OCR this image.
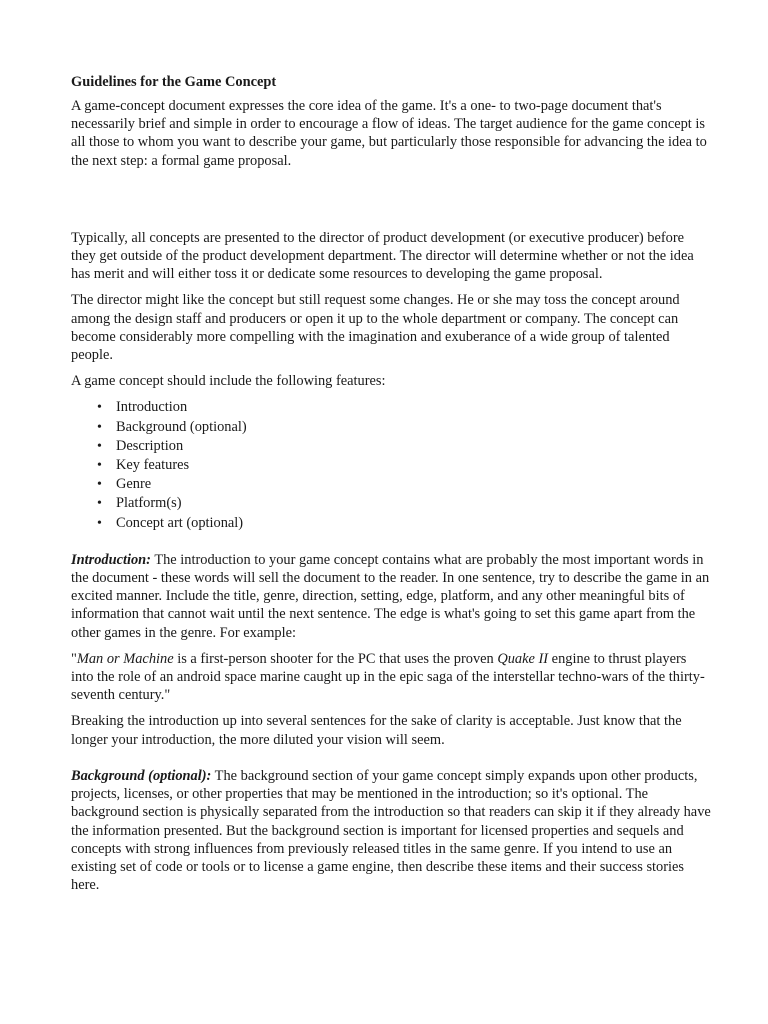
Guidelines for the Game Concept

A game-concept document expresses the core idea of the game. It's a one- to two-page document that's necessarily brief and simple in order to encourage a flow of ideas. The target audience for the game concept is all those to whom you want to describe your game, but particularly those responsible for advancing the idea to the next step: a formal game proposal.

Typically, all concepts are presented to the director of product development (or executive producer) before they get outside of the product development department. The director will determine whether or not the idea has merit and will either toss it or dedicate some resources to developing the game proposal.

The director might like the concept but still request some changes. He or she may toss the concept around among the design staff and producers or open it up to the whole department or company. The concept can become considerably more compelling with the imagination and exuberance of a wide group of talented people.

A game concept should include the following features:

• Introduction
• Background (optional)
• Description
• Key features
• Genre
• Platform(s)
• Concept art (optional)

Introduction: The introduction to your game concept contains what are probably the most important words in the document - these words will sell the document to the reader. In one sentence, try to describe the game in an excited manner. Include the title, genre, direction, setting, edge, platform, and any other meaningful bits of information that cannot wait until the next sentence. The edge is what's going to set this game apart from the other games in the genre. For example:

"Man or Machine is a first-person shooter for the PC that uses the proven Quake II engine to thrust players into the role of an android space marine caught up in the epic saga of the interstellar techno-wars of the thirty-seventh century."

Breaking the introduction up into several sentences for the sake of clarity is acceptable. Just know that the longer your introduction, the more diluted your vision will seem.

Background (optional): The background section of your game concept simply expands upon other products, projects, licenses, or other properties that may be mentioned in the introduction; so it's optional. The background section is physically separated from the introduction so that readers can skip it if they already have the information presented. But the background section is important for licensed properties and sequels and concepts with strong influences from previously released titles in the same genre. If you intend to use an existing set of code or tools or to license a game engine, then describe these items and their success stories here.
